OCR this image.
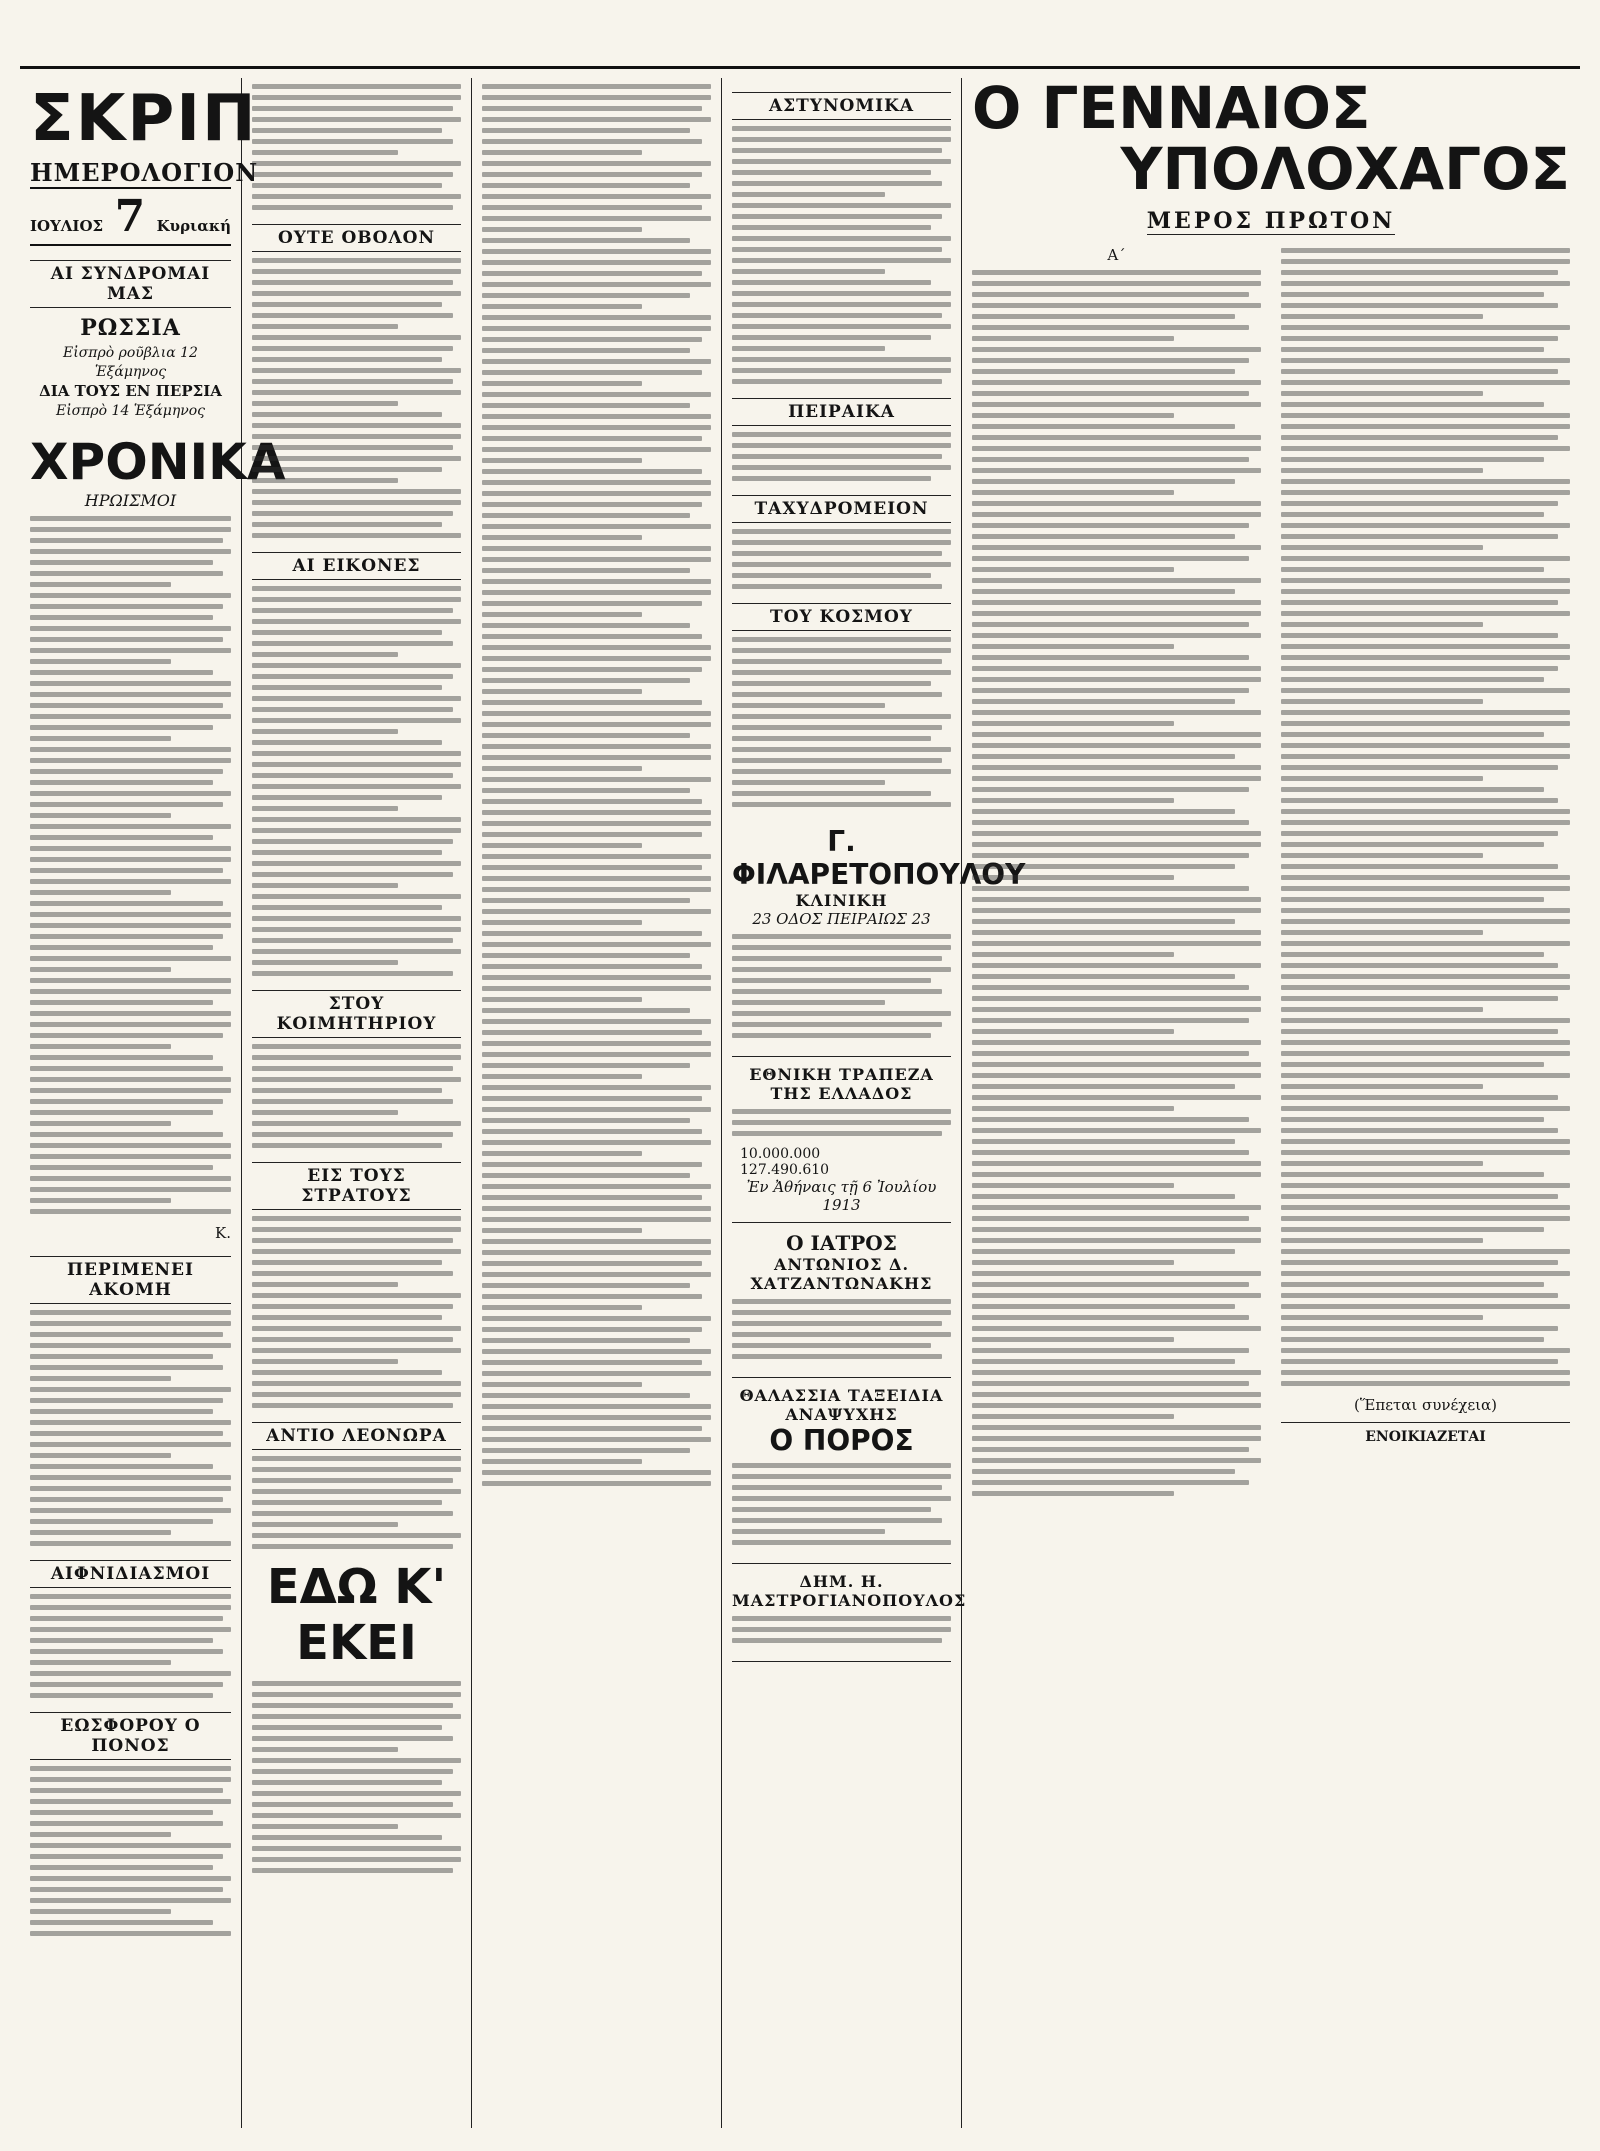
ΣΚΡΙΠ
ΗΜΕΡΟΛΟΓΙΟΝ
ΙΟΥΛΙΟΣ 7 Κυριακή
ΑΙ ΣΥΝΔΡΟΜΑΙ ΜΑΣ
ΡΩΣΣΙΑ
Εἰσπρὸ ροῦβλια 12 Ἑξάμηνος
ΔΙΑ ΤΟΥΣ ΕΝ ΠΕΡΣΙΑ
Εἰσπρὸ 14 Ἑξάμηνος
ΧΡΟΝΙΚΑ
ΗΡΩΙΣΜΟΙ
Κ.
ΠΕΡΙΜΕΝΕΙ ΑΚΟΜΗ
ΑΙΦΝΙΔΙΑΣΜΟΙ
ΕΩΣΦΟΡΟΥ Ο ΠΟΝΟΣ
ΟΥΤΕ ΟΒΟΛΟΝ
ΑΙ ΕΙΚΟΝΕΣ
ΣΤΟΥ ΚΟΙΜΗΤΗΡΙΟΥ
ΕΙΣ ΤΟΥΣ ΣΤΡΑΤΟΥΣ
ΑΝΤΙΟ ΛΕΟΝΩΡΑ
ΕΔΩ Κ' ΕΚΕΙ
ΑΣΤΥΝΟΜΙΚΑ
ΠΕΙΡΑΙΚΑ
ΤΑΧΥΔΡΟΜΕΙΟΝ
ΤΟΥ ΚΟΣΜΟΥ
Γ. ΦΙΛΑΡΕΤΟΠΟΥΛΟΥ
ΚΛΙΝΙΚΗ
23 ΟΔΟΣ ΠΕΙΡΑΙΩΣ 23
ΕΘΝΙΚΗ ΤΡΑΠΕΖΑ ΤΗΣ ΕΛΛΑΔΟΣ
10.000.000
127.490.610
Ἐν Ἀθήναις τῇ 6 Ἰουλίου 1913
Ο ΙΑΤΡΟΣ
ΑΝΤΩΝΙΟΣ Δ. ΧΑΤΖΑΝΤΩΝΑΚΗΣ
ΘΑΛΑΣΣΙΑ ΤΑΞΕΙΔΙΑ ΑΝΑΨΥΧΗΣ
Ο ΠΟΡΟΣ
ΔΗΜ. Η. ΜΑΣΤΡΟΓΙΑΝΟΠΟΥΛΟΣ
Ο ΓΕΝΝΑΙΟΣ
ΥΠΟΛΟΧΑΓΟΣ
ΜΕΡΟΣ ΠΡΩΤΟΝ
Α΄
(Ἕπεται συνέχεια)
ΕΝΟΙΚΙΑΖΕΤΑΙ
